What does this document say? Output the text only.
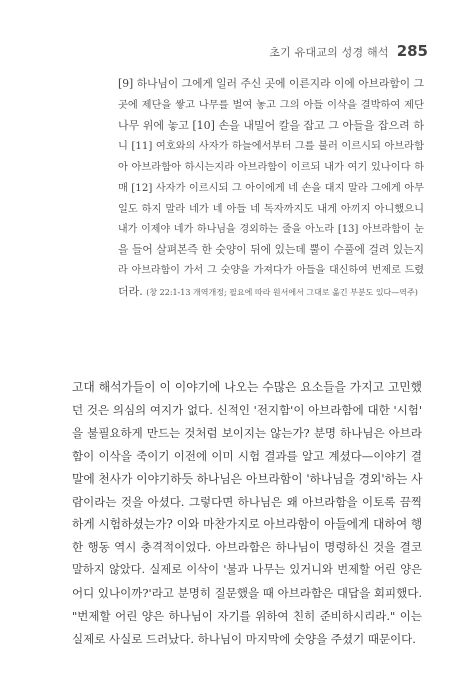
초기 유대교의 성경 해석 285
[9] 하나님이 그에게 일러 주신 곳에 이른지라 이에 아브라함이 그
곳에 제단을 쌓고 나무를 벌여 놓고 그의 아들 이삭을 결박하여 제단
나무 위에 놓고 [10] 손을 내밀어 칼을 잡고 그 아들을 잡으려 하
니 [11] 여호와의 사자가 하늘에서부터 그를 불러 이르시되 아브라함
아 아브라함아 하시는지라 아브라함이 이르되 내가 여기 있나이다 하
매 [12] 사자가 이르시되 그 아이에게 네 손을 대지 말라 그에게 아무
일도 하지 말라 네가 네 아들 네 독자까지도 내게 아끼지 아니했으니
내가 이제야 네가 하나님을 경외하는 줄을 아노라 [13] 아브라함이 눈
을 들어 살펴본즉 한 숫양이 뒤에 있는데 뿔이 수풀에 걸려 있는지
라 아브라함이 가서 그 숫양을 가져다가 아들을 대신하여 번제로 드렸
더라. (창 22:1-13 개역개정; 필요에 따라 원서에서 그대로 옮긴 부분도 있다—역주)
고대 해석가들이 이 이야기에 나오는 수많은 요소들을 가지고 고민했
던 것은 의심의 여지가 없다. 신적인 '전지함'이 아브라함에 대한 '시험'
을 불필요하게 만드는 것처럼 보이지는 않는가? 분명 하나님은 아브라
함이 이삭을 죽이기 이전에 이미 시험 결과를 알고 계셨다—이야기 결
말에 천사가 이야기하듯 하나님은 아브라함이 '하나님을 경외'하는 사
람이라는 것을 아셨다. 그렇다면 하나님은 왜 아브라함을 이토록 끔찍
하게 시험하셨는가? 이와 마찬가지로 아브라함이 아들에게 대하여 행
한 행동 역시 충격적이었다. 아브라함은 하나님이 명령하신 것을 결코
말하지 않았다. 실제로 이삭이 '불과 나무는 있거니와 번제할 어린 양은
어디 있나이까?'라고 분명히 질문했을 때 아브라함은 대답을 회피했다.
"번제할 어린 양은 하나님이 자기를 위하여 친히 준비하시리라." 이는
실제로 사실로 드러났다. 하나님이 마지막에 숫양을 주셨기 때문이다.
